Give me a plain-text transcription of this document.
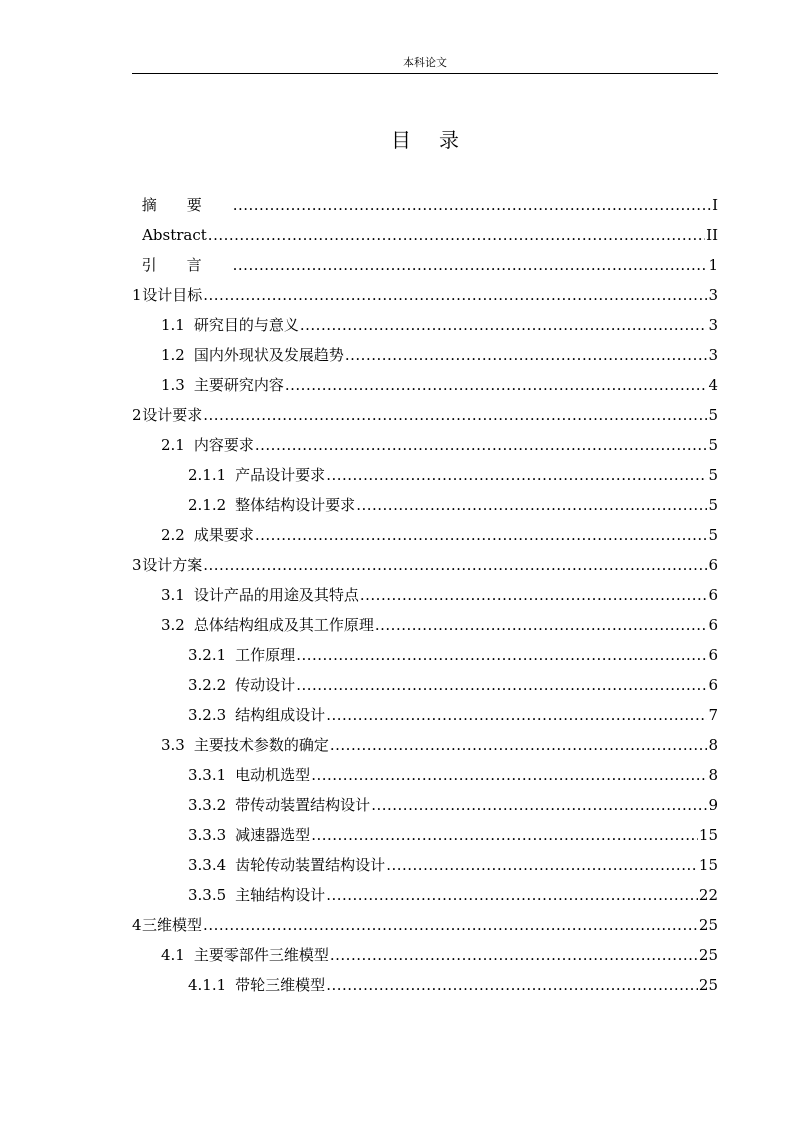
本科论文
目录
摘要 .....	I
Abstract .....	II
引言 .....	1
1 设计目标 .....	3
1.1 研究目的与意义 .....	3
1.2 国内外现状及发展趋势 .....	3
1.3 主要研究内容 .....	4
2 设计要求 .....	5
2.1 内容要求 .....	5
2.1.1 产品设计要求 .....	5
2.1.2 整体结构设计要求 .....	5
2.2 成果要求 .....	5
3 设计方案 .....	6
3.1 设计产品的用途及其特点 .....	6
3.2 总体结构组成及其工作原理 .....	6
3.2.1 工作原理 .....	6
3.2.2 传动设计 .....	6
3.2.3 结构组成设计 .....	7
3.3 主要技术参数的确定 .....	8
3.3.1 电动机选型 .....	8
3.3.2 带传动装置结构设计 .....	9
3.3.3 减速器选型 .....	15
3.3.4 齿轮传动装置结构设计 .....	15
3.3.5 主轴结构设计 .....	22
4 三维模型 .....	25
4.1 主要零部件三维模型 .....	25
4.1.1 带轮三维模型 .....	25
